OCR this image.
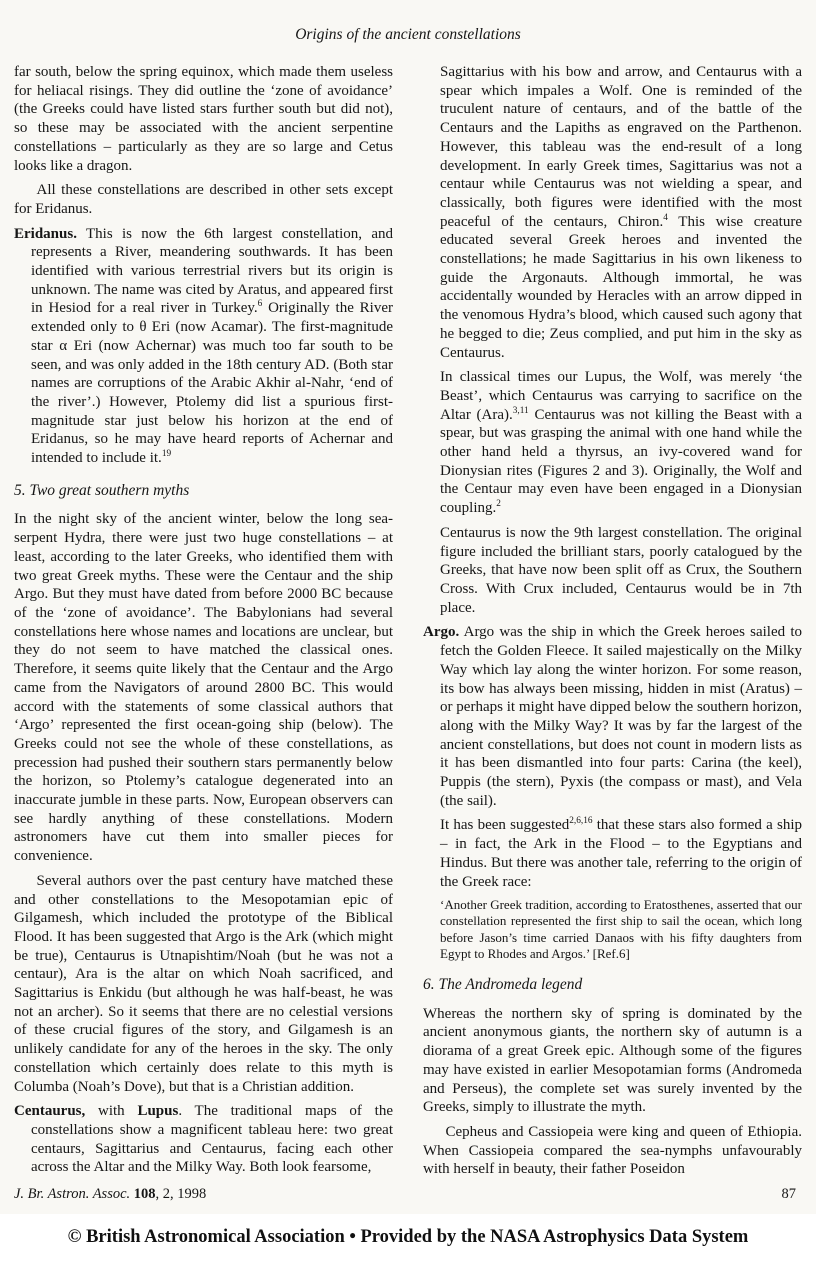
Origins of the ancient constellations
far south, below the spring equinox, which made them useless for heliacal risings. They did outline the ‘zone of avoidance’ (the Greeks could have listed stars further south but did not), so these may be associated with the ancient serpentine constellations – particularly as they are so large and Cetus looks like a dragon.
All these constellations are described in other sets except for Eridanus.
Eridanus. This is now the 6th largest constellation, and represents a River, meandering southwards. It has been identified with various terrestrial rivers but its origin is unknown. The name was cited by Aratus, and appeared first in Hesiod for a real river in Turkey.$^6$ Originally the River extended only to θ Eri (now Acamar). The first-magnitude star α Eri (now Achernar) was much too far south to be seen, and was only added in the 18th century AD. (Both star names are corruptions of the Arabic Akhir al-Nahr, ‘end of the river’.) However, Ptolemy did list a spurious first-magnitude star just below his horizon at the end of Eridanus, so he may have heard reports of Achernar and intended to include it.$^{19}$
5. Two great southern myths
In the night sky of the ancient winter, below the long sea-serpent Hydra, there were just two huge constellations – at least, according to the later Greeks, who identified them with two great Greek myths. These were the Centaur and the ship Argo. But they must have dated from before 2000 BC because of the ‘zone of avoidance’. The Babylonians had several constellations here whose names and locations are unclear, but they do not seem to have matched the classical ones. Therefore, it seems quite likely that the Centaur and the Argo came from the Navigators of around 2800 BC. This would accord with the statements of some classical authors that ‘Argo’ represented the first ocean-going ship (below). The Greeks could not see the whole of these constellations, as precession had pushed their southern stars permanently below the horizon, so Ptolemy’s catalogue degenerated into an inaccurate jumble in these parts. Now, European observers can see hardly anything of these constellations. Modern astronomers have cut them into smaller pieces for convenience.
Several authors over the past century have matched these and other constellations to the Mesopotamian epic of Gilgamesh, which included the prototype of the Biblical Flood. It has been suggested that Argo is the Ark (which might be true), Centaurus is Utnapishtim/Noah (but he was not a centaur), Ara is the altar on which Noah sacrificed, and Sagittarius is Enkidu (but although he was half-beast, he was not an archer). So it seems that there are no celestial versions of these crucial figures of the story, and Gilgamesh is an unlikely candidate for any of the heroes in the sky. The only constellation which certainly does relate to this myth is Columba (Noah’s Dove), but that is a Christian addition.
Centaurus, with Lupus. The traditional maps of the constellations show a magnificent tableau here: two great centaurs, Sagittarius and Centaurus, facing each other across the Altar and the Milky Way. Both look fearsome,
Sagittarius with his bow and arrow, and Centaurus with a spear which impales a Wolf. One is reminded of the truculent nature of centaurs, and of the battle of the Centaurs and the Lapiths as engraved on the Parthenon. However, this tableau was the end-result of a long development. In early Greek times, Sagittarius was not a centaur while Centaurus was not wielding a spear, and classically, both figures were identified with the most peaceful of the centaurs, Chiron.$^4$ This wise creature educated several Greek heroes and invented the constellations; he made Sagittarius in his own likeness to guide the Argonauts. Although immortal, he was accidentally wounded by Heracles with an arrow dipped in the venomous Hydra’s blood, which caused such agony that he begged to die; Zeus complied, and put him in the sky as Centaurus.
In classical times our Lupus, the Wolf, was merely ‘the Beast’, which Centaurus was carrying to sacrifice on the Altar (Ara).$^{3,11}$ Centaurus was not killing the Beast with a spear, but was grasping the animal with one hand while the other hand held a thyrsus, an ivy-covered wand for Dionysian rites (Figures 2 and 3). Originally, the Wolf and the Centaur may even have been engaged in a Dionysian coupling.$^2$
Centaurus is now the 9th largest constellation. The original figure included the brilliant stars, poorly catalogued by the Greeks, that have now been split off as Crux, the Southern Cross. With Crux included, Centaurus would be in 7th place.
Argo. Argo was the ship in which the Greek heroes sailed to fetch the Golden Fleece. It sailed majestically on the Milky Way which lay along the winter horizon. For some reason, its bow has always been missing, hidden in mist (Aratus) – or perhaps it might have dipped below the southern horizon, along with the Milky Way? It was by far the largest of the ancient constellations, but does not count in modern lists as it has been dismantled into four parts: Carina (the keel), Puppis (the stern), Pyxis (the compass or mast), and Vela (the sail).
It has been suggested$^{2,6,16}$ that these stars also formed a ship – in fact, the Ark in the Flood – to the Egyptians and Hindus. But there was another tale, referring to the origin of the Greek race:
‘Another Greek tradition, according to Eratosthenes, asserted that our constellation represented the first ship to sail the ocean, which long before Jason’s time carried Danaos with his fifty daughters from Egypt to Rhodes and Argos.’ [Ref.6]
6. The Andromeda legend
Whereas the northern sky of spring is dominated by the ancient anonymous giants, the northern sky of autumn is a diorama of a great Greek epic. Although some of the figures may have existed in earlier Mesopotamian forms (Andromeda and Perseus), the complete set was surely invented by the Greeks, simply to illustrate the myth.
Cepheus and Cassiopeia were king and queen of Ethiopia. When Cassiopeia compared the sea-nymphs unfavourably with herself in beauty, their father Poseidon
J. Br. Astron. Assoc. 108, 2, 1998	87
© British Astronomical Association • Provided by the NASA Astrophysics Data System
